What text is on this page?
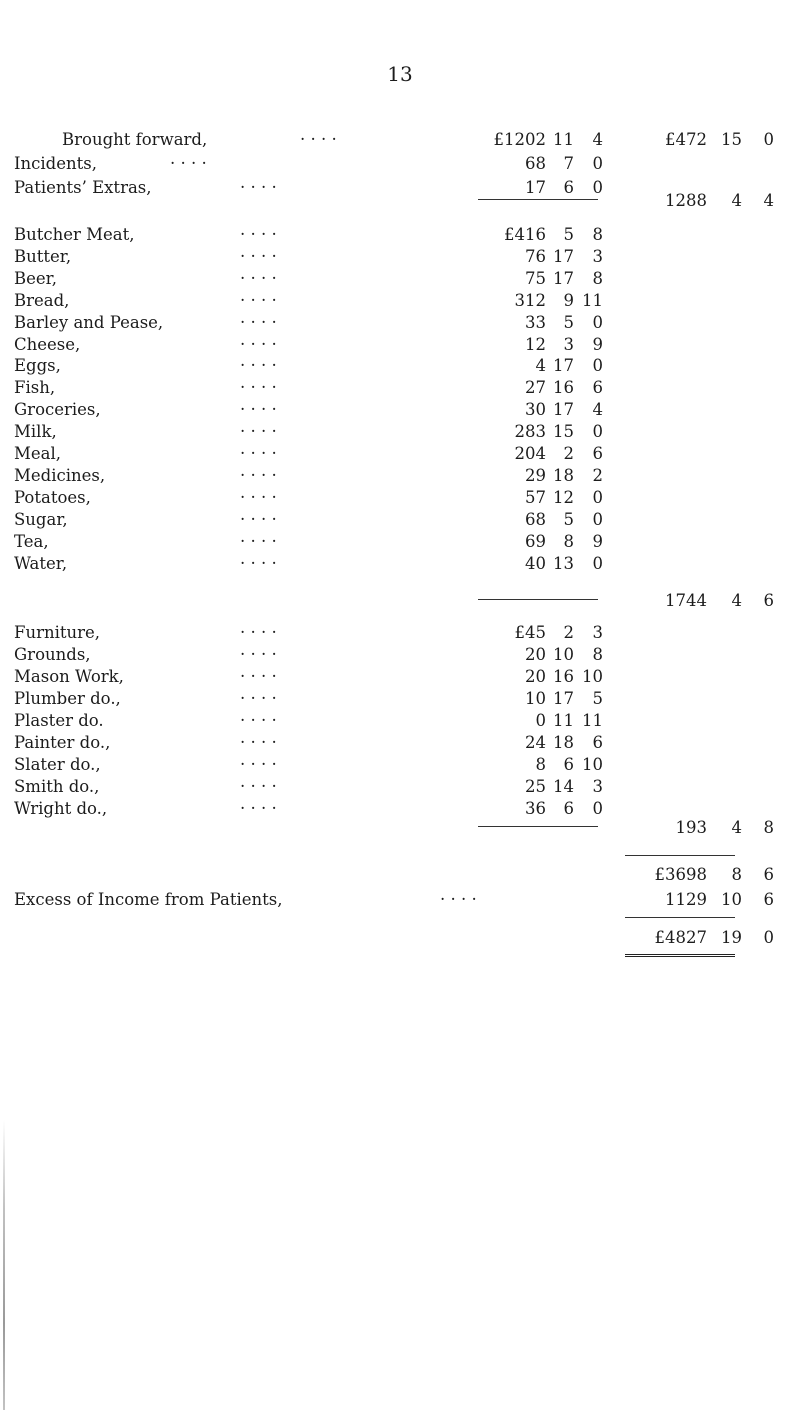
13
Brought forward,	. . . .	£1202 11 4	£472 15 0
Incidents,	. . . .	68 7 0
Patients’ Extras,	. . . .	17 6 0
1288 4 4
Butcher Meat,	. . . .	£416 5 8
Butter,	. . . .	76 17 3
Beer,	. . . .	75 17 8
Bread,	. . . .	312 9 11
Barley and Pease,	. . . .	33 5 0
Cheese,	. . . .	12 3 9
Eggs,	. . . .	4 17 0
Fish,	. . . .	27 16 6
Groceries,	. . . .	30 17 4
Milk,	. . . .	283 15 0
Meal,	. . . .	204 2 6
Medicines,	. . . .	29 18 2
Potatoes,	. . . .	57 12 0
Sugar,	. . . .	68 5 0
Tea,	. . . .	69 8 9
Water,	. . . .	40 13 0
1744 4 6
Furniture,	. . . .	£45 2 3
Grounds,	. . . .	20 10 8
Mason Work,	. . . .	20 16 10
Plumber do.,	. . . .	10 17 5
Plaster do.	. . . .	0 11 11
Painter do.,	. . . .	24 18 6
Slater do.,	. . . .	8 6 10
Smith do.,	. . . .	25 14 3
Wright do.,	. . . .	36 6 0
193 4 8
£3698 8 6
Excess of Income from Patients,	. . . .	1129 10 6
£4827 19 0
